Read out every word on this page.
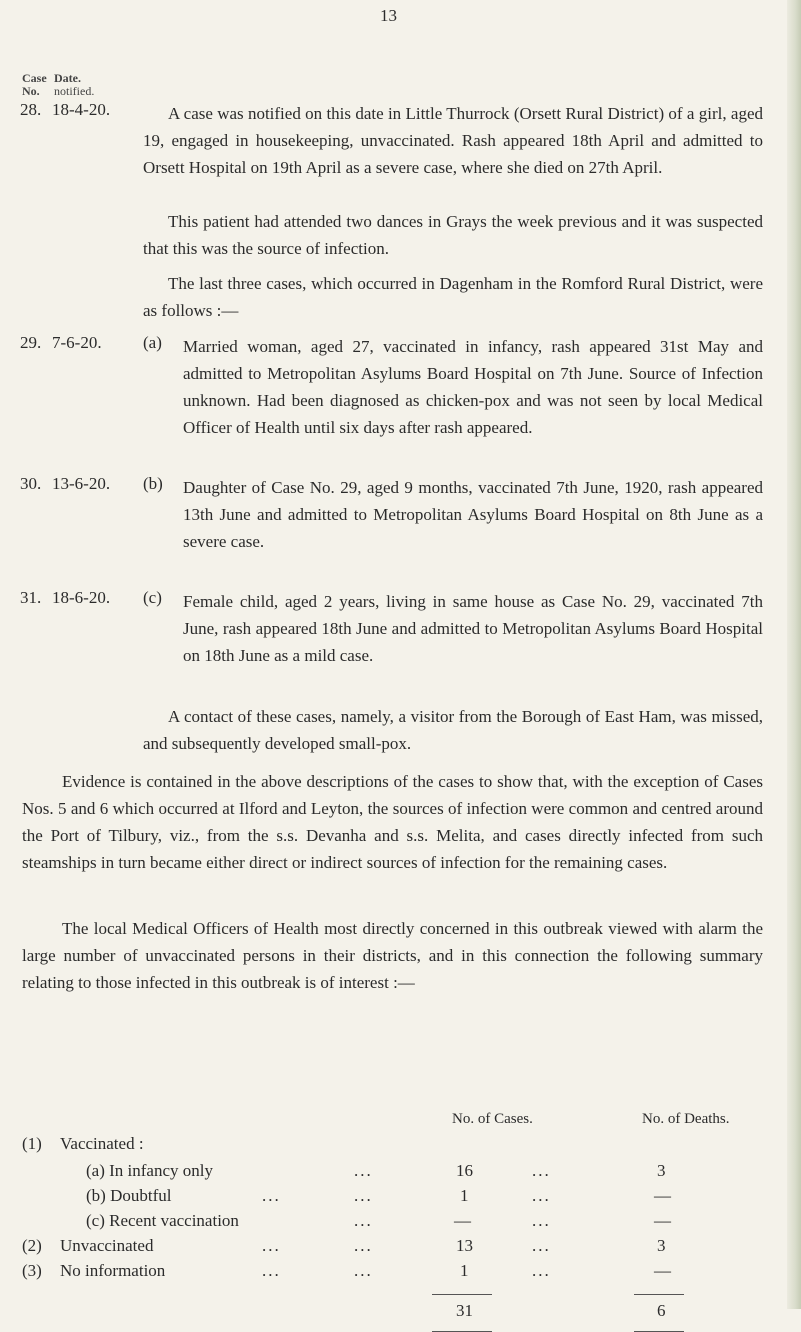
13
Case Date.
No. notified.
28. 18-4-20.	A case was notified on this date in Little Thurrock (Orsett Rural District) of a girl, aged 19, engaged in housekeeping, unvaccinated. Rash appeared 18th April and admitted to Orsett Hospital on 19th April as a severe case, where she died on 27th April.
This patient had attended two dances in Grays the week previous and it was suspected that this was the source of infection.
The last three cases, which occurred in Dagenham in the Romford Rural District, were as follows :—
29. 7-6-20. (a) Married woman, aged 27, vaccinated in infancy, rash appeared 31st May and admitted to Metropolitan Asylums Board Hospital on 7th June. Source of Infection unknown. Had been diagnosed as chicken-pox and was not seen by local Medical Officer of Health until six days after rash appeared.
30. 13-6-20. (b) Daughter of Case No. 29, aged 9 months, vaccinated 7th June, 1920, rash appeared 13th June and admitted to Metropolitan Asylums Board Hospital on 8th June as a severe case.
31. 18-6-20. (c) Female child, aged 2 years, living in same house as Case No. 29, vaccinated 7th June, rash appeared 18th June and admitted to Metropolitan Asylums Board Hospital on 18th June as a mild case.
A contact of these cases, namely, a visitor from the Borough of East Ham, was missed, and subsequently developed small-pox.
Evidence is contained in the above descriptions of the cases to show that, with the exception of Cases Nos. 5 and 6 which occurred at Ilford and Leyton, the sources of infection were common and centred around the Port of Tilbury, viz., from the s.s. Devanha and s.s. Melita, and cases directly infected from such steamships in turn became either direct or indirect sources of infection for the remaining cases.
The local Medical Officers of Health most directly concerned in this outbreak viewed with alarm the large number of unvaccinated persons in their districts, and in this connection the following summary relating to those infected in this outbreak is of interest :—
No. of Cases.	No. of Deaths.
(1) Vaccinated :
(a) In infancy only	...	16	...	3
(b) Doubtful	...	...	1	...	—
(c) Recent vaccination	...	—	...	—
(2) Unvaccinated	...	...	13	...	3
(3) No information	...	...	1	...	—
31	6
